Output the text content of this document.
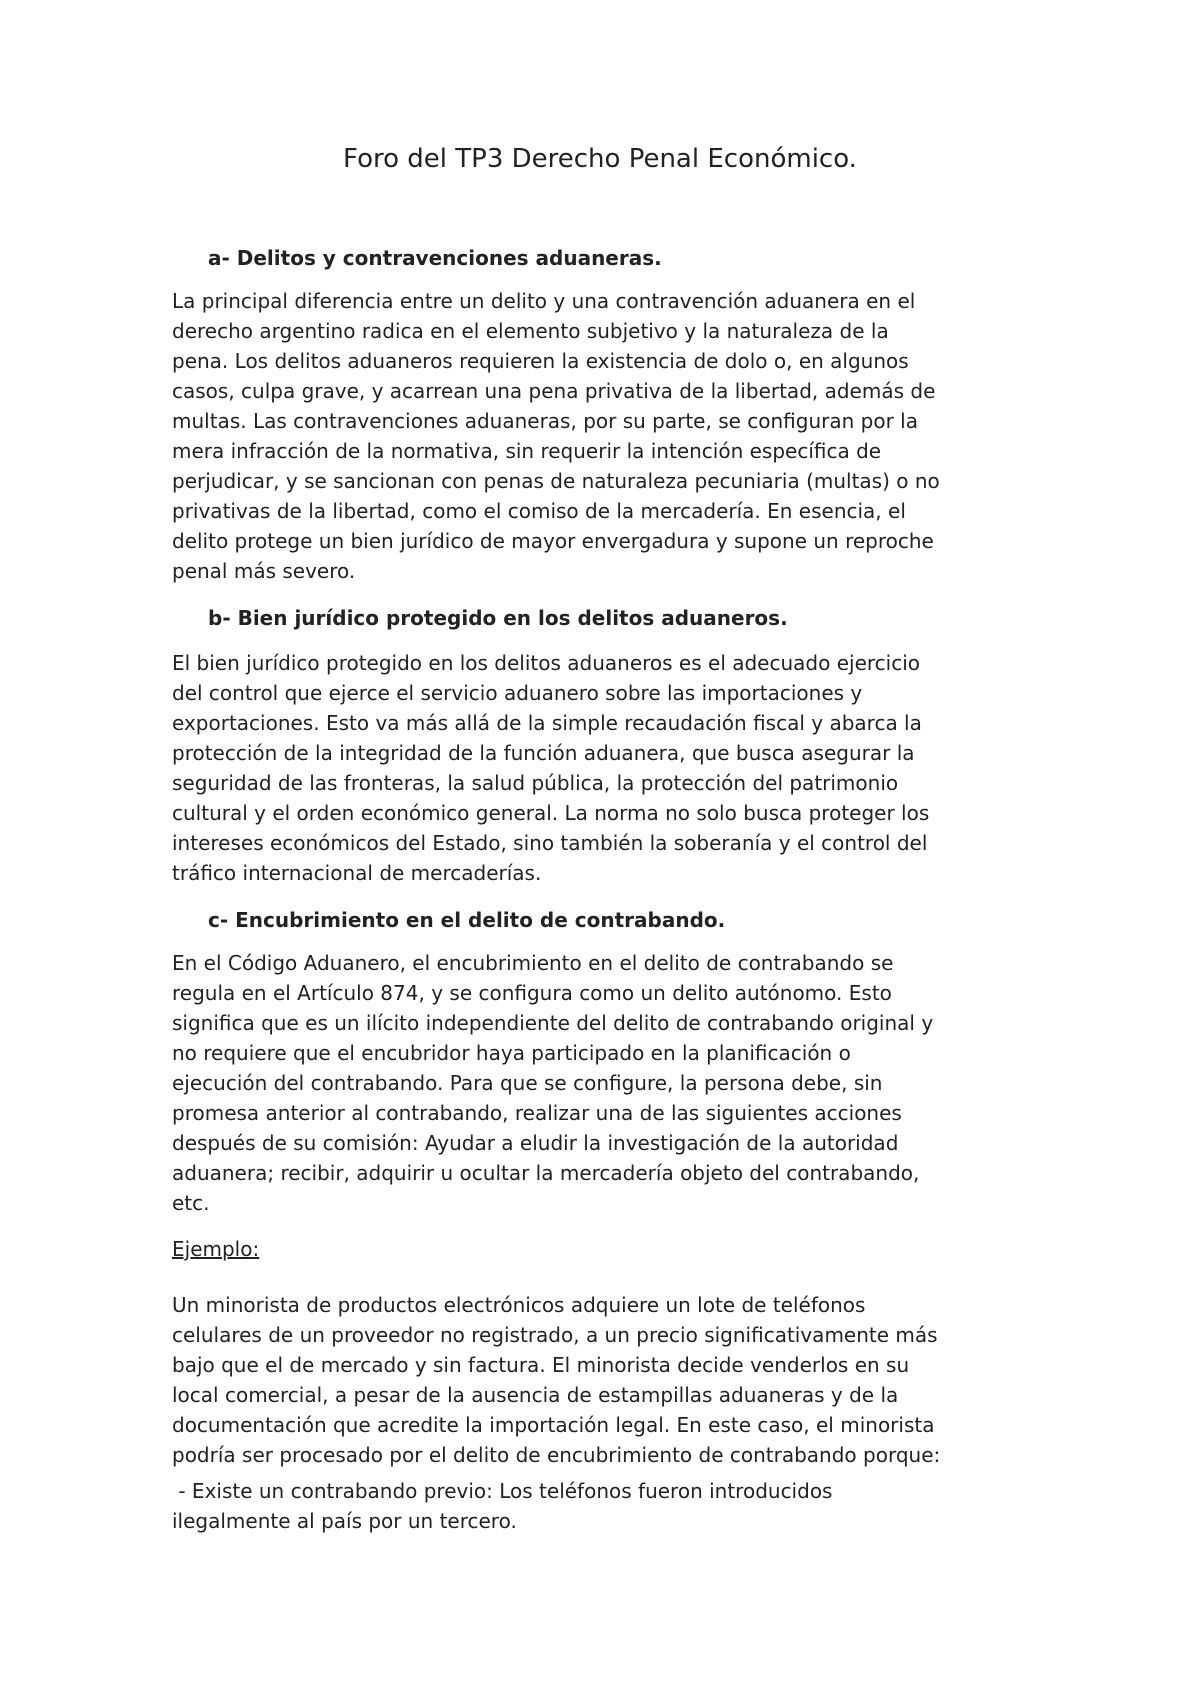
Foro del TP3 Derecho Penal Económico.
a- Delitos y contravenciones aduaneras.

La principal diferencia entre un delito y una contravención aduanera en el
derecho argentino radica en el elemento subjetivo y la naturaleza de la
pena. Los delitos aduaneros requieren la existencia de dolo o, en algunos
casos, culpa grave, y acarrean una pena privativa de la libertad, además de
multas. Las contravenciones aduaneras, por su parte, se configuran por la
mera infracción de la normativa, sin requerir la intención específica de
perjudicar, y se sancionan con penas de naturaleza pecuniaria (multas) o no
privativas de la libertad, como el comiso de la mercadería. En esencia, el
delito protege un bien jurídico de mayor envergadura y supone un reproche
penal más severo.

b- Bien jurídico protegido en los delitos aduaneros.

El bien jurídico protegido en los delitos aduaneros es el adecuado ejercicio
del control que ejerce el servicio aduanero sobre las importaciones y
exportaciones. Esto va más allá de la simple recaudación fiscal y abarca la
protección de la integridad de la función aduanera, que busca asegurar la
seguridad de las fronteras, la salud pública, la protección del patrimonio
cultural y el orden económico general. La norma no solo busca proteger los
intereses económicos del Estado, sino también la soberanía y el control del
tráfico internacional de mercaderías.

c- Encubrimiento en el delito de contrabando.

En el Código Aduanero, el encubrimiento en el delito de contrabando se
regula en el Artículo 874, y se configura como un delito autónomo. Esto
significa que es un ilícito independiente del delito de contrabando original y
no requiere que el encubridor haya participado en la planificación o
ejecución del contrabando. Para que se configure, la persona debe, sin
promesa anterior al contrabando, realizar una de las siguientes acciones
después de su comisión: Ayudar a eludir la investigación de la autoridad
aduanera; recibir, adquirir u ocultar la mercadería objeto del contrabando,
etc.

Ejemplo:

Un minorista de productos electrónicos adquiere un lote de teléfonos
celulares de un proveedor no registrado, a un precio significativamente más
bajo que el de mercado y sin factura. El minorista decide venderlos en su
local comercial, a pesar de la ausencia de estampillas aduaneras y de la
documentación que acredite la importación legal. En este caso, el minorista
podría ser procesado por el delito de encubrimiento de contrabando porque:

- Existe un contrabando previo: Los teléfonos fueron introducidos
ilegalmente al país por un tercero.
